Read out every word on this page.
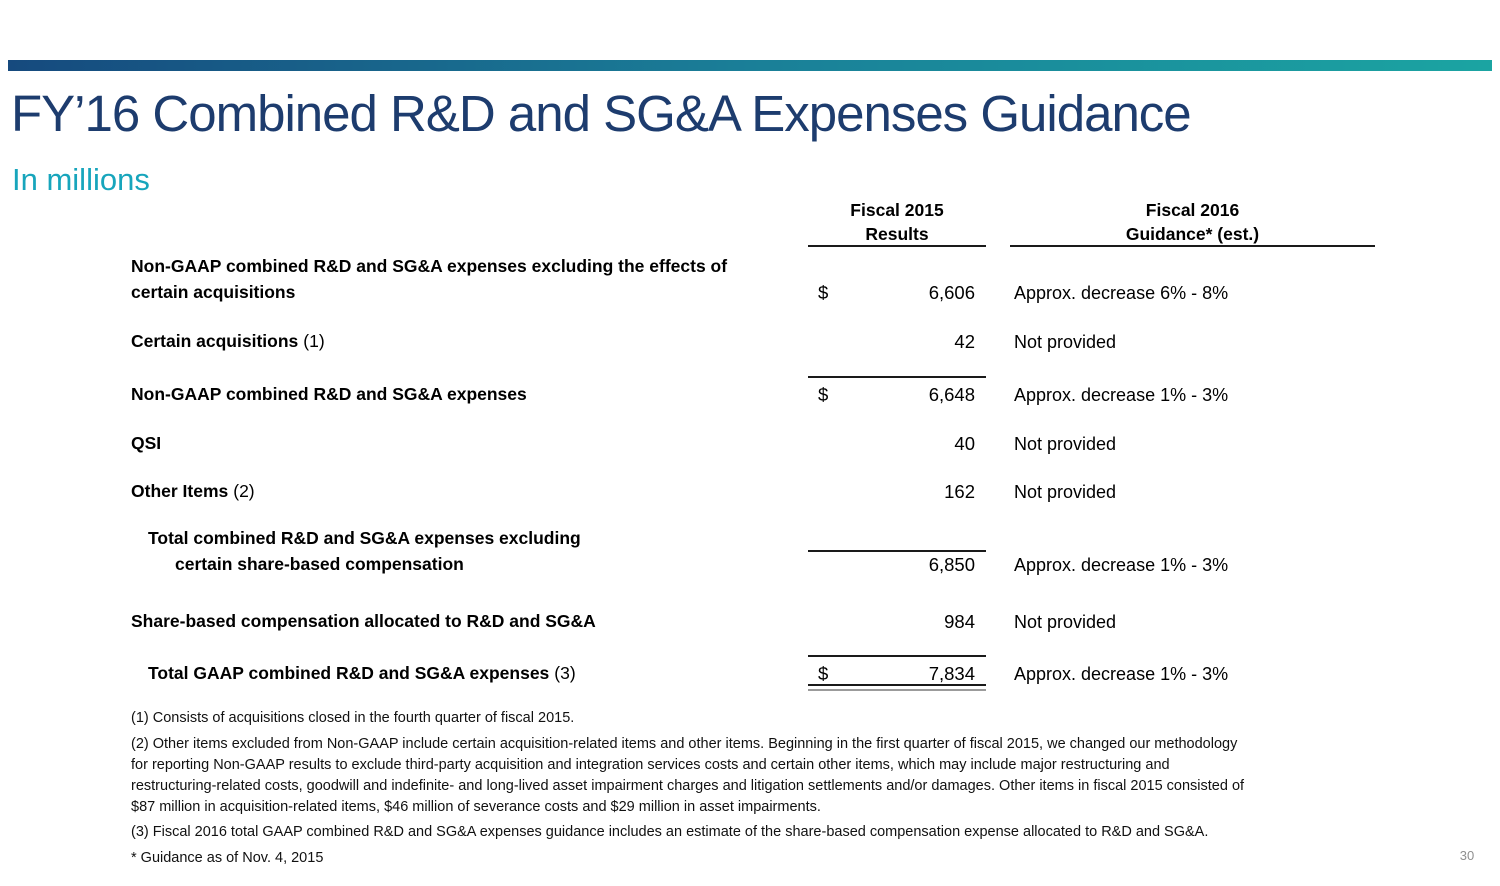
FY’16 Combined R&D and SG&A Expenses Guidance
In millions
Fiscal 2015
Results
Fiscal 2016
Guidance* (est.)
Non-GAAP combined R&D and SG&A expenses excluding the effects of
certain acquisitions	$	6,606 Approx. decrease 6% - 8%
Certain acquisitions (1)	42 Not provided
Non-GAAP combined R&D and SG&A expenses	$	6,648 Approx. decrease 1% - 3%
QSI	40 Not provided
Other Items (2)	162 Not provided
Total combined R&D and SG&A expenses excluding
certain share-based compensation	6,850 Approx. decrease 1% - 3%
Share-based compensation allocated to R&D and SG&A	984 Not provided
Total GAAP combined R&D and SG&A expenses (3)	$	7,834 Approx. decrease 1% - 3%
(1) Consists of acquisitions closed in the fourth quarter of fiscal 2015.
(2) Other items excluded from Non-GAAP include certain acquisition-related items and other items. Beginning in the first quarter of fiscal 2015, we changed our methodology for reporting Non-GAAP results to exclude third-party acquisition and integration services costs and certain other items, which may include major restructuring and restructuring-related costs, goodwill and indefinite- and long-lived asset impairment charges and litigation settlements and/or damages. Other items in fiscal 2015 consisted of $87 million in acquisition-related items, $46 million of severance costs and $29 million in asset impairments.
(3) Fiscal 2016 total GAAP combined R&D and SG&A expenses guidance includes an estimate of the share-based compensation expense allocated to R&D and SG&A.
* Guidance as of Nov. 4, 2015	30
